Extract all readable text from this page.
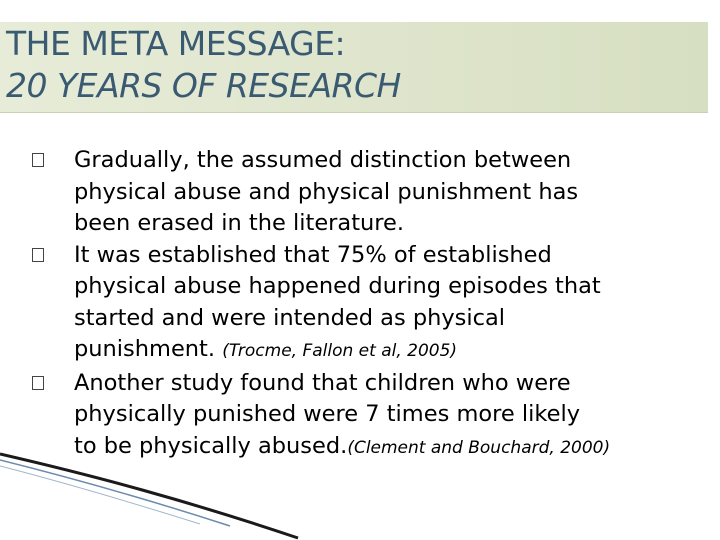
THE META MESSAGE:
20 YEARS OF RESEARCH
Gradually, the assumed distinction between
physical abuse and physical punishment has
been erased in the literature.
It was established that 75% of established
physical abuse happened during episodes that
started and were intended as physical
punishment. (Trocme, Fallon et al, 2005)
Another study found that children who were
physically punished were 7 times more likely
to be physically abused.(Clement and Bouchard, 2000)
